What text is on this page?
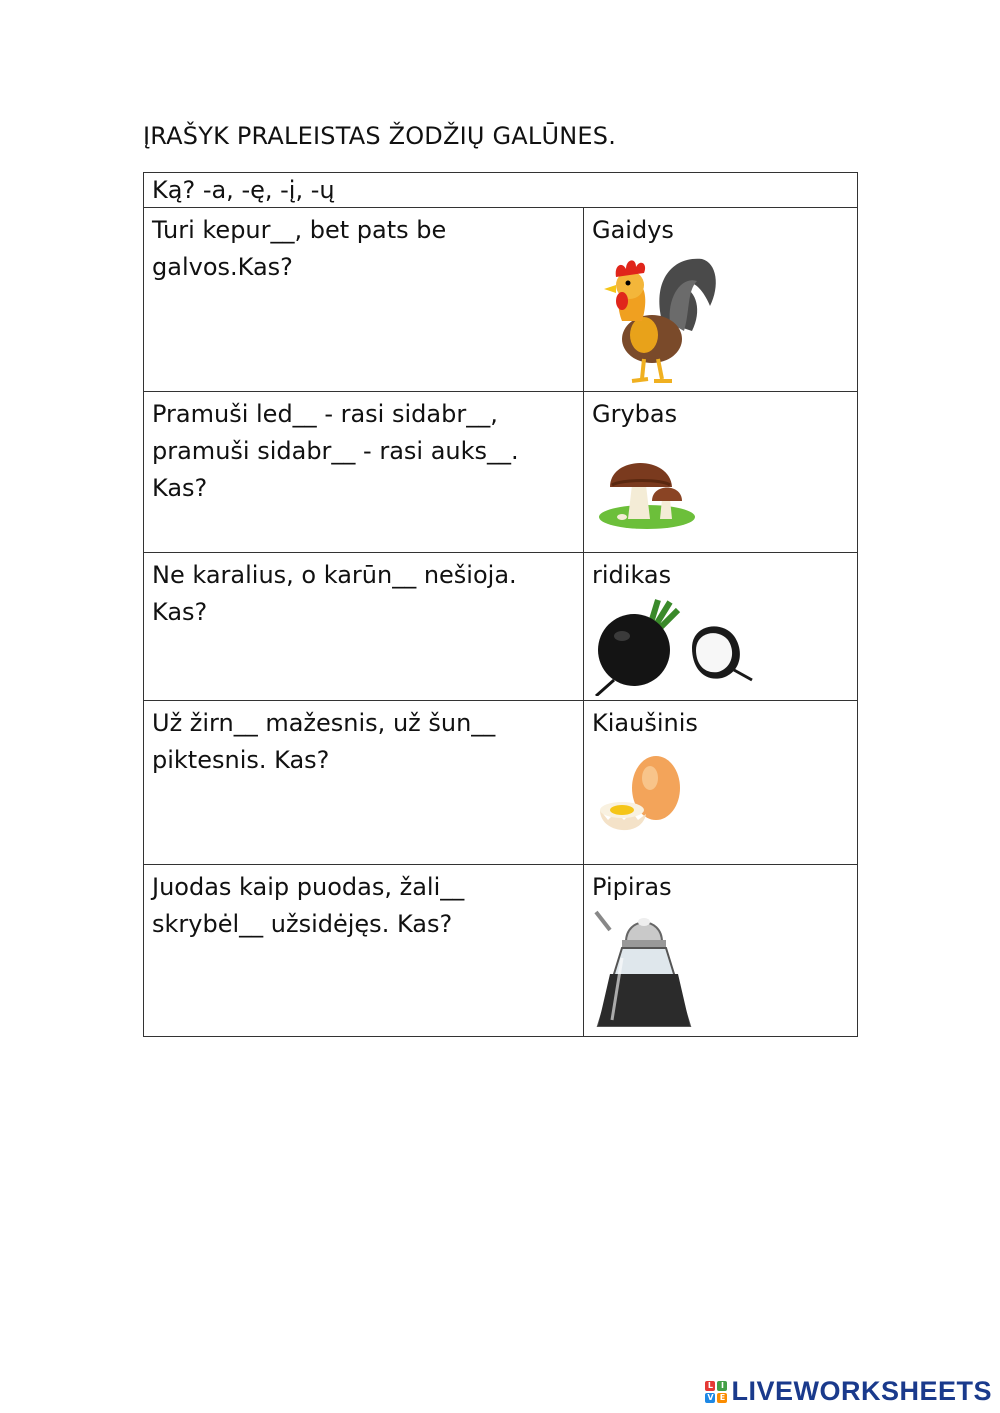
ĮRAŠYK PRALEISTAS ŽODŽIŲ GALŪNES.
Ką? -a, -ę, -į, -ų	
Turi kepur__, bet pats be galvos.Kas?	Gaidys

Pramuši led__ - rasi sidabr__, pramuši sidabr__ - rasi auks__. Kas?	Grybas

Ne karalius, o karūn__ nešioja. Kas?	ridikas

Už žirn__ mažesnis, už šun__ piktesnis. Kas?	Kiaušinis

Juodas kaip puodas, žali__ skrybėl__ užsidėjęs. Kas?	Pipiras
L I
V E LIVEWORKSHEETS
